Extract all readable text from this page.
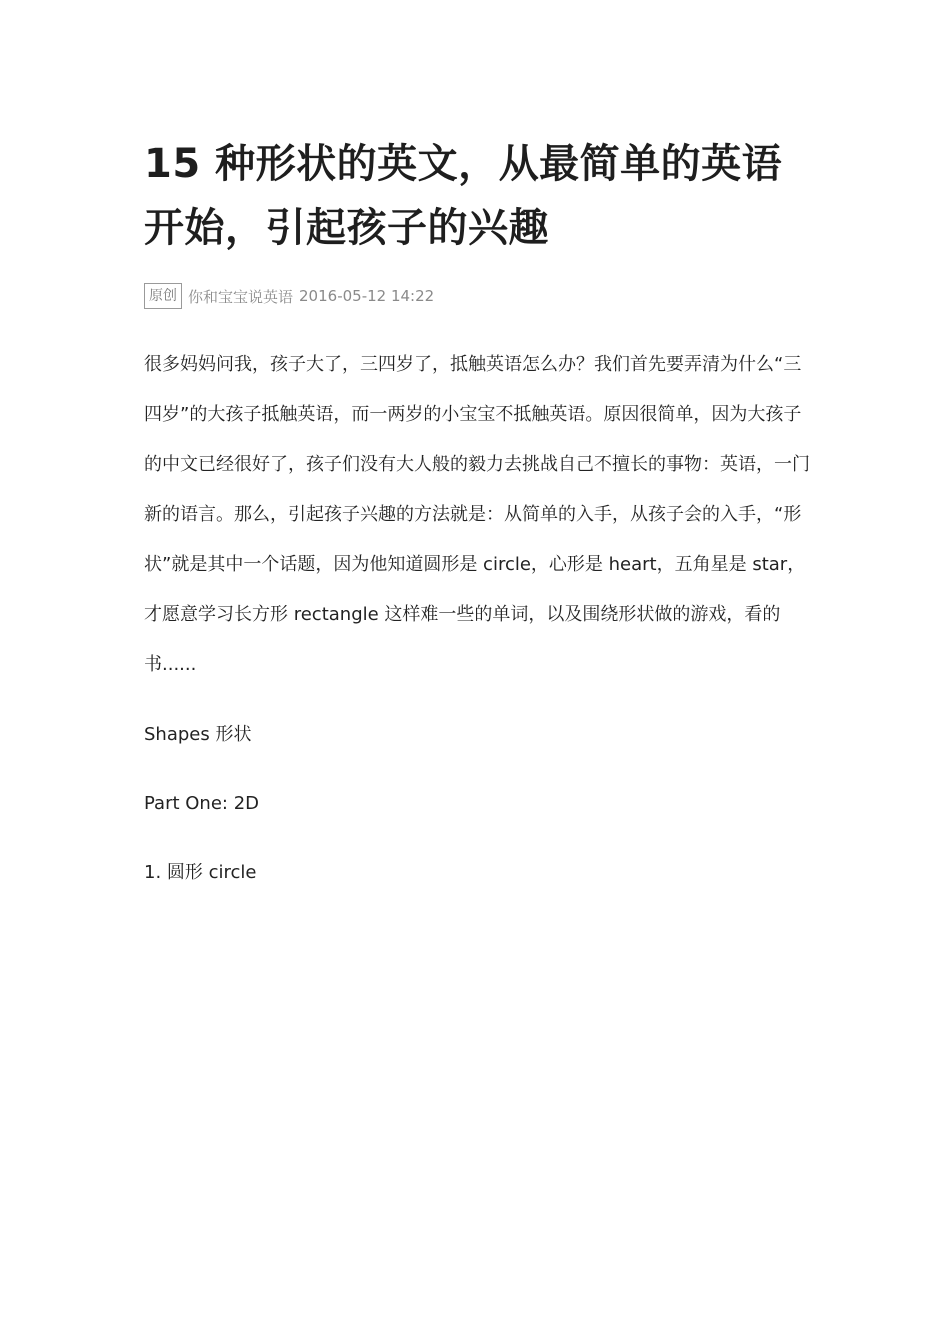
15 种形状的英文，从最简单的英语开始，引起孩子的兴趣
原创 你和宝宝说英语 2016-05-12 14:22

很多妈妈问我，孩子大了，三四岁了，抵触英语怎么办？我们首先要弄清为什么“三四岁”的大孩子抵触英语，而一两岁的小宝宝不抵触英语。原因很简单，因为大孩子的中文已经很好了，孩子们没有大人般的毅力去挑战自己不擅长的事物：英语，一门新的语言。那么，引起孩子兴趣的方法就是：从简单的入手，从孩子会的入手，“形状”就是其中一个话题，因为他知道圆形是 circle，心形是 heart，五角星是 star，才愿意学习长方形 rectangle 这样难一些的单词，以及围绕形状做的游戏，看的书......

Shapes 形状

Part One: 2D

1. 圆形 circle
